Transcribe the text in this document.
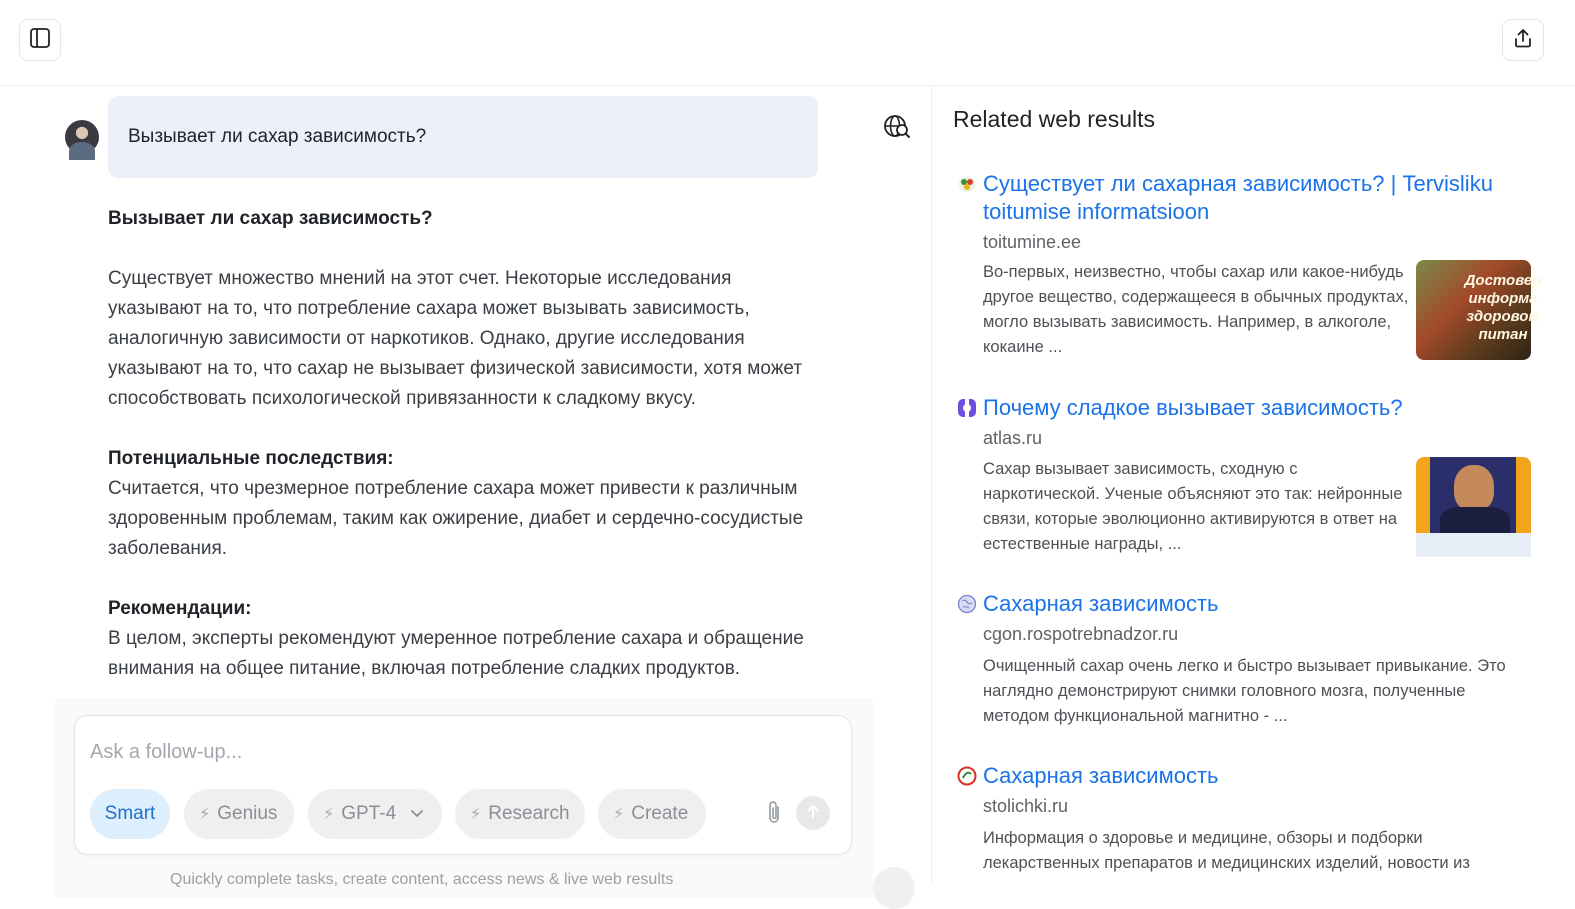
Вызывает ли сахар зависимость?
Вызывает ли сахар зависимость?
Существует множество мнений на этот счет. Некоторые исследования указывают на то, что потребление сахара может вызывать зависимость, аналогичную зависимости от наркотиков. Однако, другие исследования указывают на то, что сахар не вызывает физической зависимости, хотя может способствовать психологической привязанности к сладкому вкусу.
Потенциальные последствия:
Считается, что чрезмерное потребление сахара может привести к различным здоровенным проблемам, таким как ожирение, диабет и сердечно-сосудистые заболевания.
Рекомендации:
В целом, эксперты рекомендуют умеренное потребление сахара и обращение внимания на общее питание, включая потребление сладких продуктов.
Ask a follow-up...
Smart	⚡︎ Genius	⚡︎ GPT-4	⚡︎ Research	⚡︎ Create
Quickly complete tasks, create content, access news & live web results
Related web results
Существует ли сахарная зависимость? | Tervisliku toitumise informatsioon
toitumine.ee
Во-первых, неизвестно, чтобы сахар или какое-нибудь другое вещество, содержащееся в обычных продуктах, могло вызывать зависимость. Например, в алкоголе, кокаине ...
Достовер информа здоровом питан
Почему сладкое вызывает зависимость?
atlas.ru
Сахар вызывает зависимость, сходную с наркотической. Ученые объясняют это так: нейронные связи, которые эволюционно активируются в ответ на естественные награды, ...
Сахарная зависимость
cgon.rospotrebnadzor.ru
Очищенный сахар очень легко и быстро вызывает привыкание. Это наглядно демонстрируют снимки головного мозга, полученные методом функциональной магнитно - ...
Сахарная зависимость
stolichki.ru
Информация о здоровье и медицине, обзоры и подборки лекарственных препаратов и медицинских изделий, новости из
